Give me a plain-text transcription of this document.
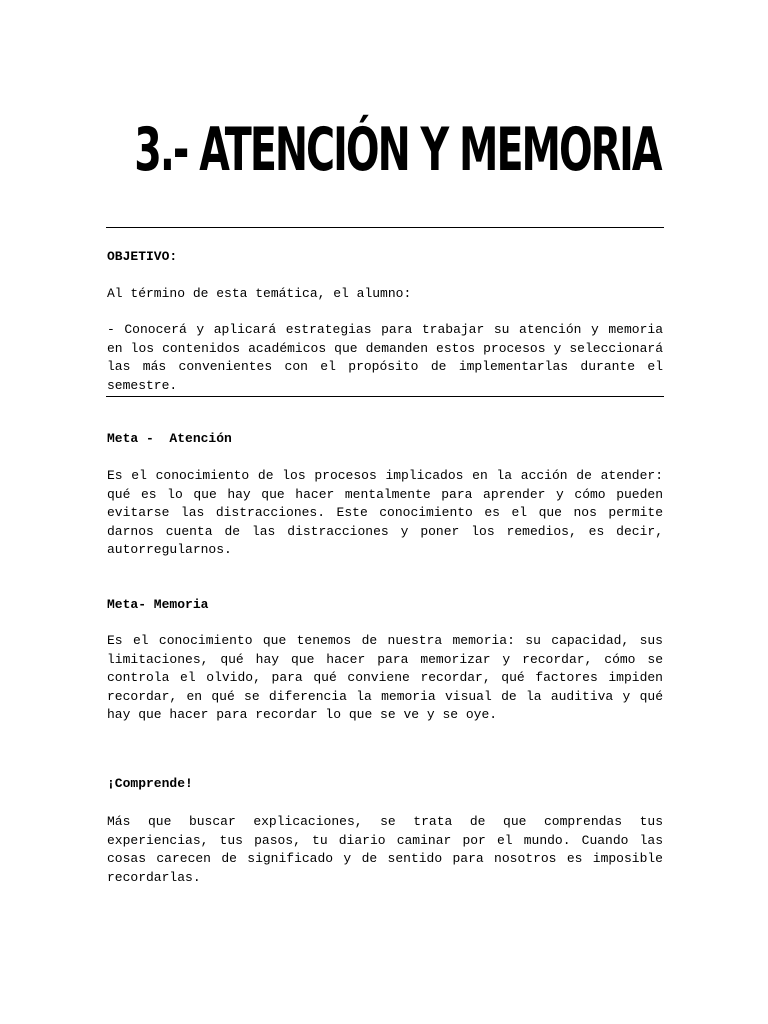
3.- ATENCIÓN Y MEMORIA

OBJETIVO:

Al término de esta temática, el alumno:

- Conocerá y aplicará estrategias para trabajar su atención y memoria en los contenidos académicos que demanden estos procesos y seleccionará las más convenientes con el propósito de implementarlas durante el semestre.

Meta -  Atención

Es el conocimiento de los procesos implicados en la acción de atender: qué es lo que hay que hacer mentalmente para aprender y cómo pueden evitarse las distracciones. Este conocimiento es el que nos permite darnos cuenta de las distracciones y poner los remedios, es decir, autorregularnos.

Meta- Memoria

Es el conocimiento que tenemos de nuestra memoria: su capacidad, sus limitaciones, qué hay que hacer para memorizar y recordar, cómo se controla el olvido, para qué conviene recordar, qué factores impiden recordar, en qué se diferencia la memoria visual de la auditiva y qué hay que hacer para recordar lo que se ve y se oye.

¡Comprende!

Más que buscar explicaciones, se trata de que comprendas tus experiencias, tus pasos, tu diario caminar por el mundo. Cuando las cosas carecen de significado y de sentido para nosotros es imposible recordarlas.
